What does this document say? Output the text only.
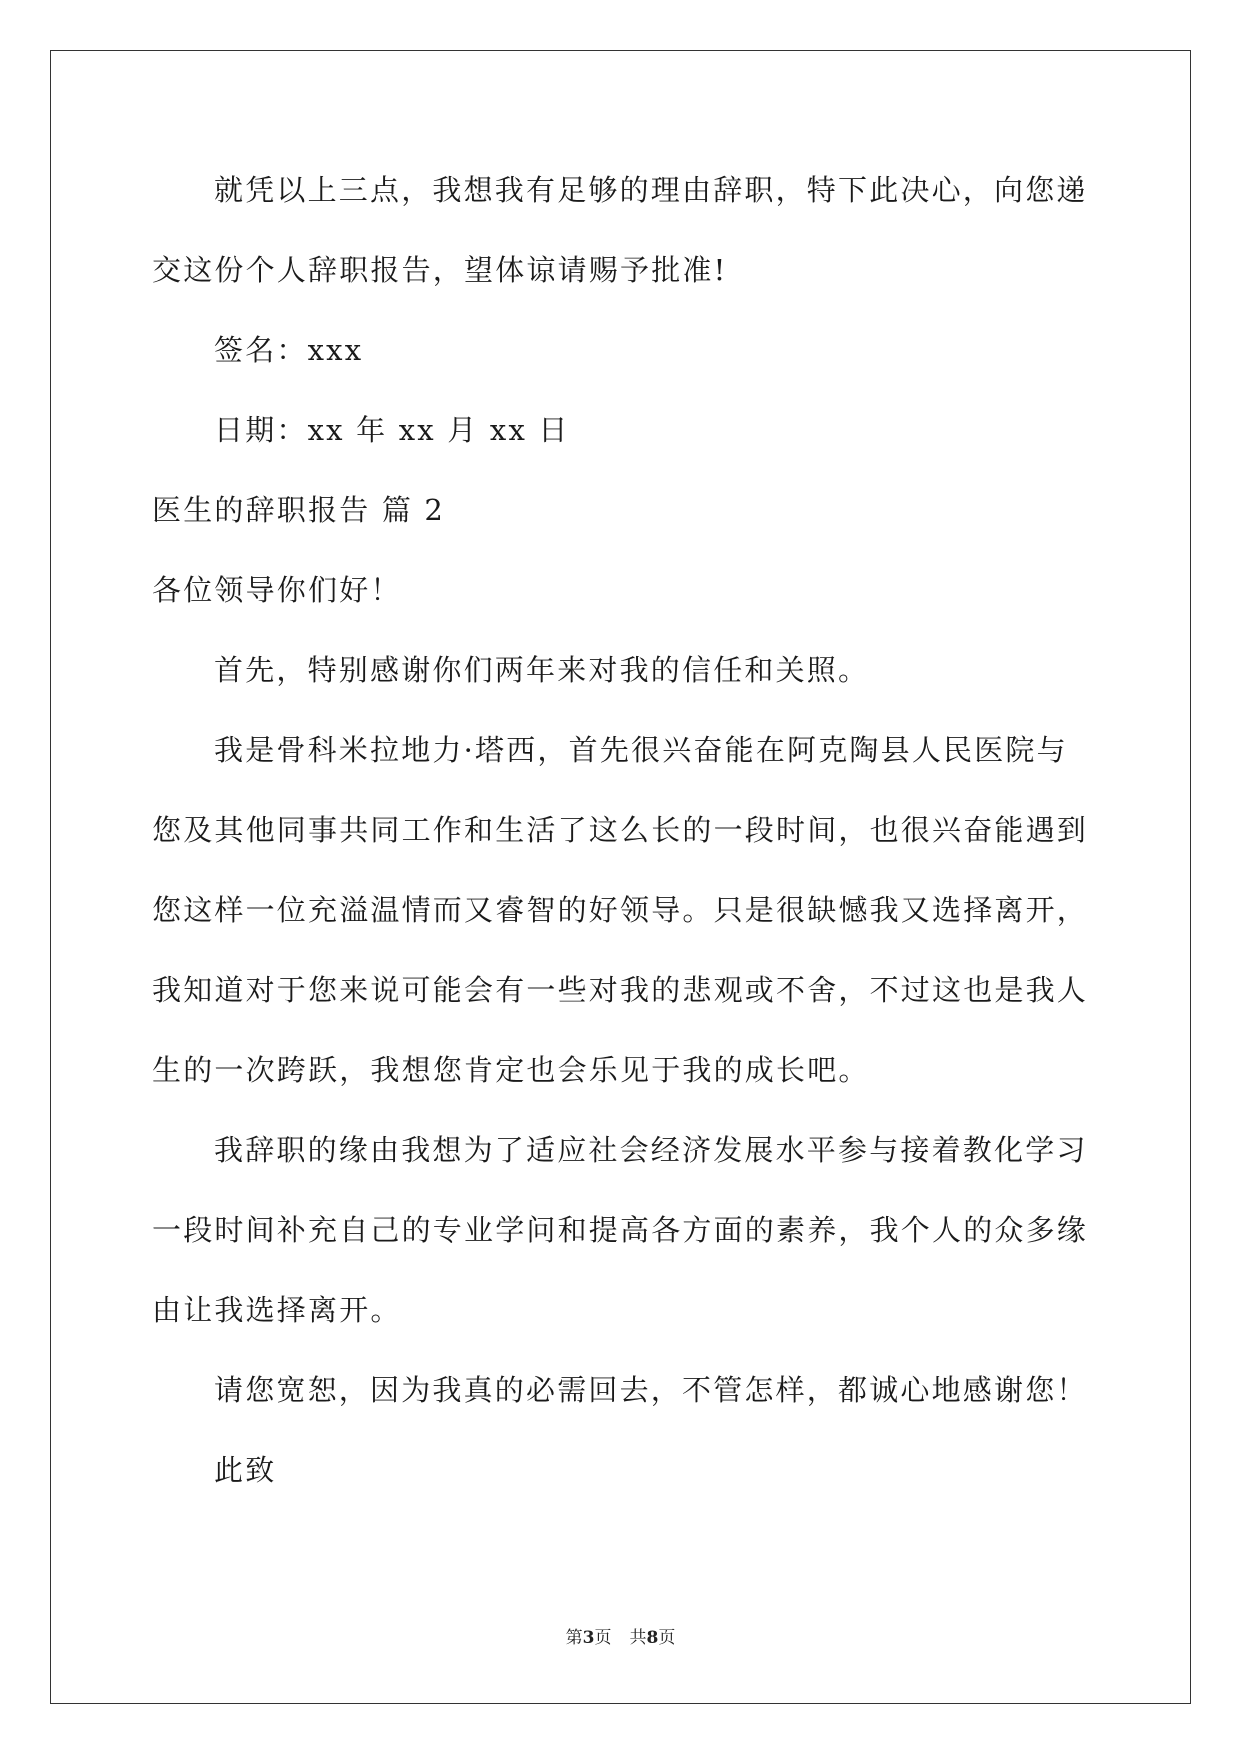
就凭以上三点，我想我有足够的理由辞职，特下此决心，向您递
交这份个人辞职报告，望体谅请赐予批准!
签名：xxx
日期：xx 年 xx 月 xx 日
医生的辞职报告 篇 2
各位领导你们好！
首先，特别感谢你们两年来对我的信任和关照。
我是骨科米拉地力·塔西，首先很兴奋能在阿克陶县人民医院与
您及其他同事共同工作和生活了这么长的一段时间，也很兴奋能遇到
您这样一位充溢温情而又睿智的好领导。只是很缺憾我又选择离开，
我知道对于您来说可能会有一些对我的悲观或不舍，不过这也是我人
生的一次跨跃，我想您肯定也会乐见于我的成长吧。
我辞职的缘由我想为了适应社会经济发展水平参与接着教化学习
一段时间补充自己的专业学问和提高各方面的素养，我个人的众多缘
由让我选择离开。
请您宽恕，因为我真的必需回去，不管怎样，都诚心地感谢您！
此致
第3页 共8页
